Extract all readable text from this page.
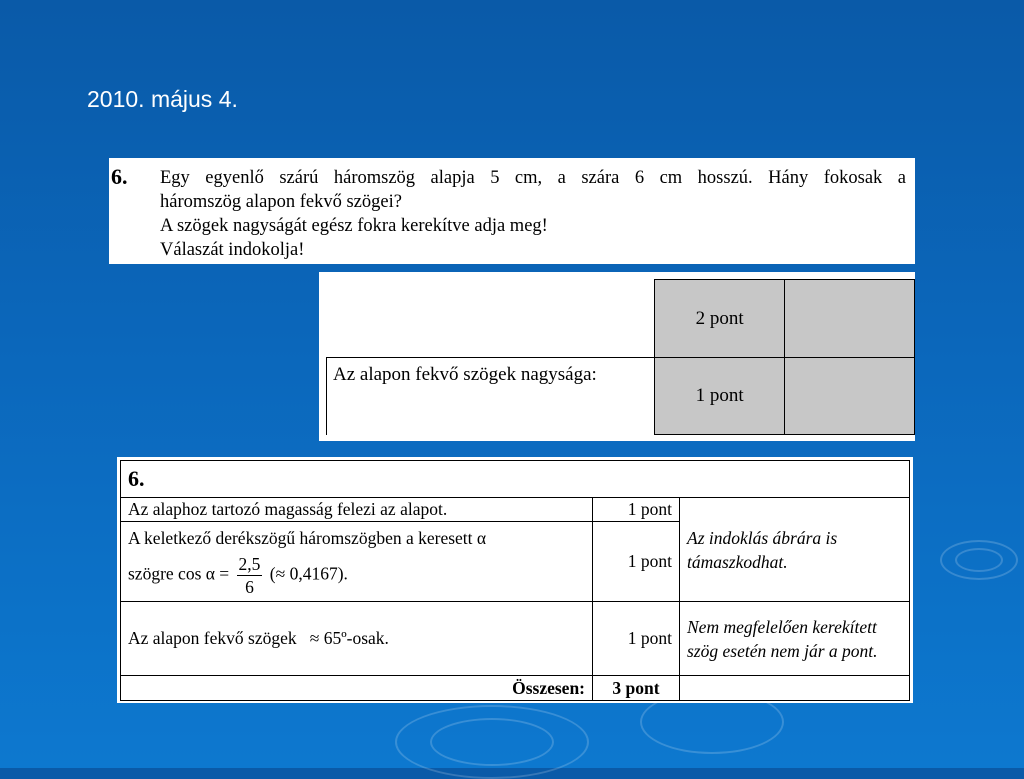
2010. május 4.
6. Egy egyenlő szárú háromszög alapja 5 cm, a szára 6 cm hosszú. Hány fokosak a
háromszög alapon fekvő szögei?
A szögek nagyságát egész fokra kerekítve adja meg!
Válaszát indokolja!
	2 pont	
Az alapon fekvő szögek nagysága:	1 pont	
6.		
Az alaphoz tartozó magasság felezi az alapot.	1 pont	Az indoklás ábrára is támaszkodhat.

A keletkező derékszögű háromszögben a keresett α
szögre $\cos \alpha = \frac{2,5}{6}$ (≈ 0,4167).	1 pont	
Az alapon fekvő szögek   ≈ 65º-osak.	1 pont	Nem megfelelően kerekített szög esetén nem jár a pont.
Összesen:	3 pont	
